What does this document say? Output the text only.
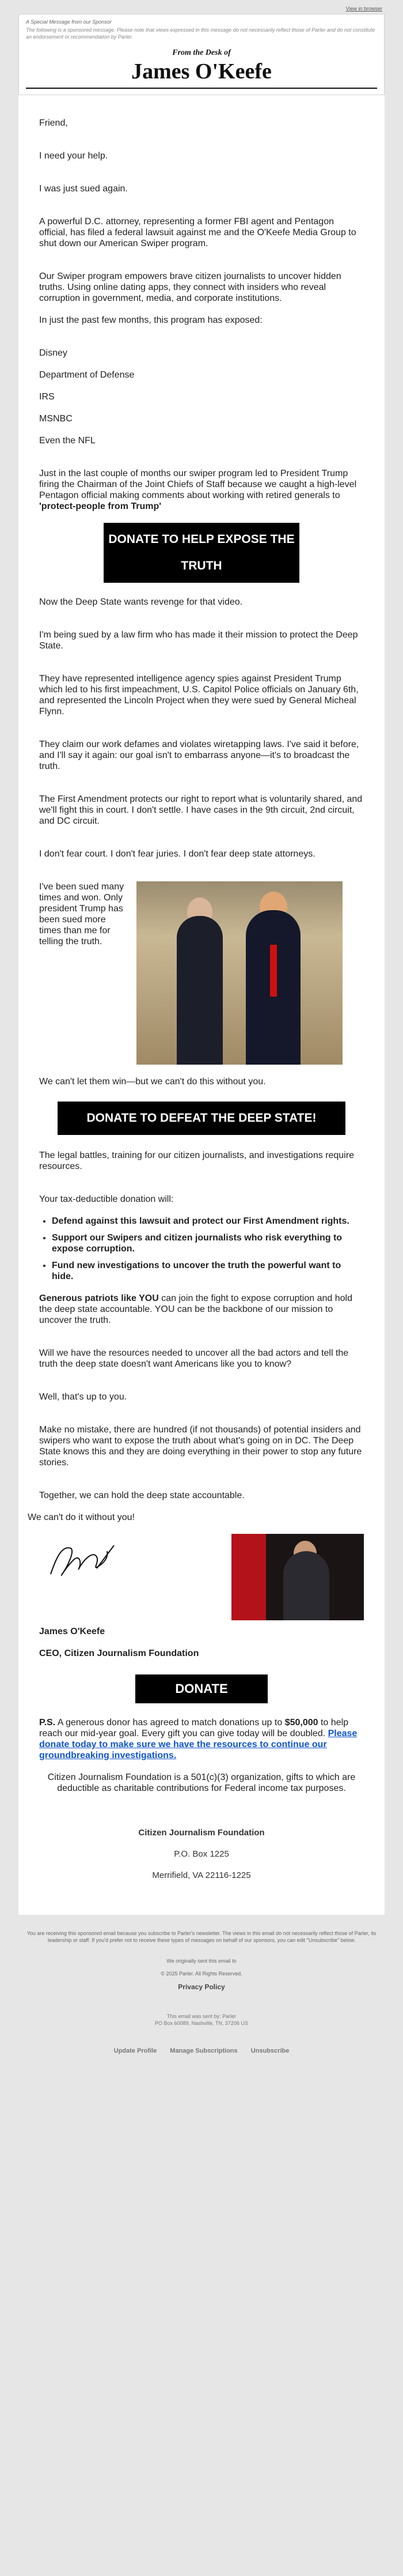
View in browser
A Special Message from our Sponsor
The following is a sponsored message. Please note that views expressed in this message do not necessarily reflect those of Parler and do not constitute an endorsement or recommendation by Parler.
From the Desk of
James O'Keefe

Friend,

I need your help.

I was just sued again.

A powerful D.C. attorney, representing a former FBI agent and Pentagon official, has filed a federal lawsuit against me and the O'Keefe Media Group to shut down our American Swiper program.

Our Swiper program empowers brave citizen journalists to uncover hidden truths. Using online dating apps, they connect with insiders who reveal corruption in government, media, and corporate institutions.

In just the past few months, this program has exposed:

Disney

Department of Defense

IRS

MSNBC

Even the NFL

Just in the last couple of months our swiper program led to President Trump firing the Chairman of the Joint Chiefs of Staff because we caught a high-level Pentagon official making comments about working with retired generals to 'protect-people from Trump'

DONATE TO HELP EXPOSE THE TRUTH

Now the Deep State wants revenge for that video.

I'm being sued by a law firm who has made it their mission to protect the Deep State.

They have represented intelligence agency spies against President Trump which led to his first impeachment, U.S. Capitol Police officials on January 6th, and represented the Lincoln Project when they were sued by General Micheal Flynn.

They claim our work defames and violates wiretapping laws. I've said it before, and I'll say it again: our goal isn't to embarrass anyone—it's to broadcast the truth.

The First Amendment protects our right to report what is voluntarily shared, and we'll fight this in court. I don't settle. I have cases in the 9th circuit, 2nd circuit, and DC circuit.

I don't fear court. I don't fear juries. I don't fear deep state attorneys.

I've been sued many times and won. Only president Trump has been sued more times than me for telling the truth.

We can't let them win—but we can't do this without you.

DONATE TO DEFEAT THE DEEP STATE!

The legal battles, training for our citizen journalists, and investigations require resources.

Your tax-deductible donation will:

• Defend against this lawsuit and protect our First Amendment rights.
• Support our Swipers and citizen journalists who risk everything to expose corruption.
• Fund new investigations to uncover the truth the powerful want to hide.

Generous patriots like YOU can join the fight to expose corruption and hold the deep state accountable. YOU can be the backbone of our mission to uncover the truth.

Will we have the resources needed to uncover all the bad actors and tell the truth the deep state doesn't want Americans like you to know?

Well, that's up to you.

Make no mistake, there are hundred (if not thousands) of potential insiders and swipers who want to expose the truth about what's going on in DC. The Deep State knows this and they are doing everything in their power to stop any future stories.

Together, we can hold the deep state accountable.

We can't do it without you!

James O'Keefe

CEO, Citizen Journalism Foundation

DONATE

P.S. A generous donor has agreed to match donations up to $50,000 to help reach our mid-year goal. Every gift you can give today will be doubled. Please donate today to make sure we have the resources to continue our groundbreaking investigations.

Citizen Journalism Foundation is a 501(c)(3) organization, gifts to which are deductible as charitable contributions for Federal income tax purposes.

Citizen Journalism Foundation
P.O. Box 1225
Merrifield, VA 22116-1225

You are receiving this sponsored email because you subscribe to Parler's newsletter. The views in this email do not necessarily reflect those of Parler, its leadership or staff. If you'd prefer not to receive these types of messages on behalf of our sponsors, you can edit "Unsubscribe" below.

We originally sent this email to

© 2025 Parler. All Rights Reserved.

Privacy Policy
This email was sent by: Parler
PO Box 60089, Nashville, TN, 37206 US
Update Profile Manage Subscriptions Unsubscribe
